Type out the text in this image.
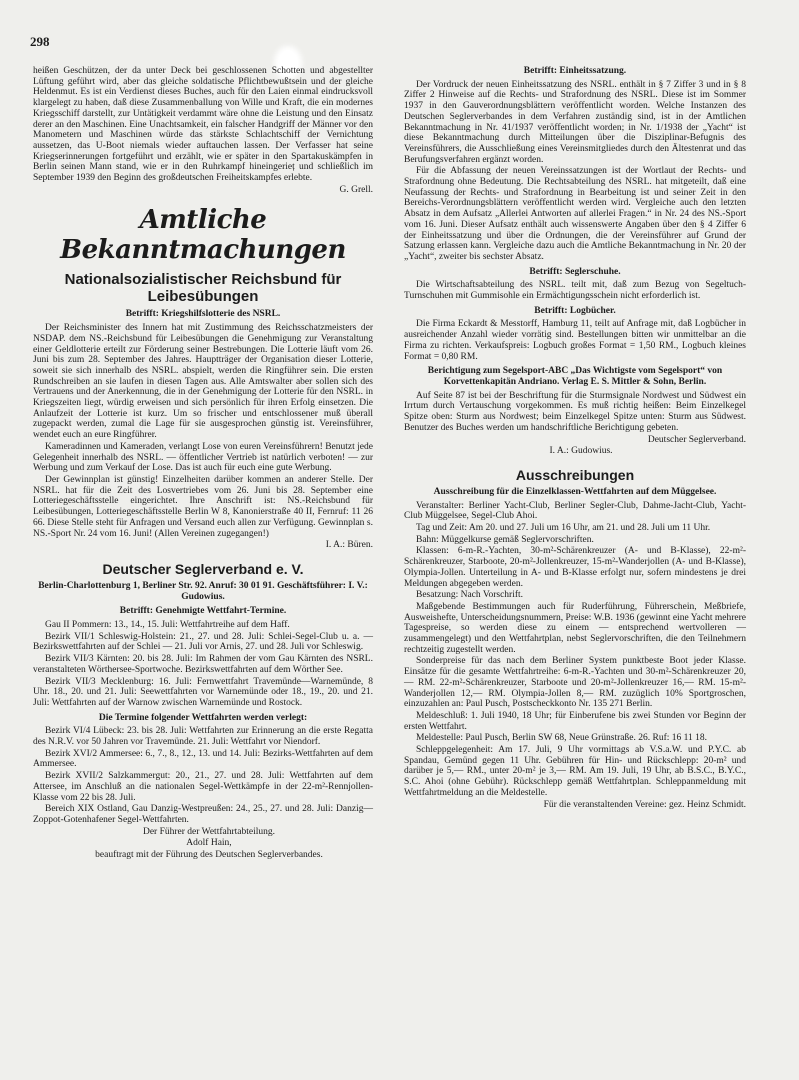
298

heißen Geschützen, der da unter Deck bei geschlossenen Schotten und abgestellter Lüftung geführt wird, aber das gleiche soldatische Pflichtbewußtsein und der gleiche Heldenmut. Es ist ein Verdienst dieses Buches, auch für den Laien einmal eindrucksvoll klargelegt zu haben, daß diese Zusammenballung von Wille und Kraft, die ein modernes Kriegsschiff darstellt, zur Untätigkeit verdammt wäre ohne die Leistung und den Einsatz derer an den Maschinen. Eine Unachtsamkeit, ein falscher Handgriff der Männer vor den Manometern und Maschinen würde das stärkste Schlachtschiff der Vernichtung aussetzen, das U-Boot niemals wieder auftauchen lassen. Der Verfasser hat seine Kriegserinnerungen fortgeführt und erzählt, wie er später in den Spartakuskämpfen in Berlin seinen Mann stand, wie er in den Ruhrkampf hineingerieț und schließlich im September 1939 den Beginn des großdeutschen Freiheitskampfes erlebte.

G. Grell.

Amtliche Bekanntmachungen
Nationalsozialistischer Reichsbund für Leibesübungen

Betrifft: Kriegshilfslotterie des NSRL.

Der Reichsminister des Innern hat mit Zustimmung des Reichsschatzmeisters der NSDAP. dem NS.-Reichsbund für Leibesübungen die Genehmigung zur Veranstaltung einer Geldlotterie erteilt zur Förderung seiner Bestrebungen. Die Lotterie läuft vom 26. Juni bis zum 28. September des Jahres. Hauptträger der Organisation dieser Lotterie, soweit sie sich innerhalb des NSRL. abspielt, werden die Ringführer sein. Die ersten Rundschreiben an sie laufen in diesen Tagen aus. Alle Amtswalter aber sollen sich des Vertrauens und der Anerkennung, die in der Genehmigung der Lotterie für den NSRL. in Kriegszeiten liegt, würdig erweisen und sich persönlich für ihren Erfolg einsetzen. Die Anlaufzeit der Lotterie ist kurz. Um so frischer und entschlossener muß überall zugepackt werden, zumal die Lage für sie ausgesprochen günstig ist. Vereinsführer, wendet euch an eure Ringführer.

Kameradinnen und Kameraden, verlangt Lose von euren Vereinsführern! Benutzt jede Gelegenheit innerhalb des NSRL. — öffentlicher Vertrieb ist natürlich verboten! — zur Werbung und zum Verkauf der Lose. Das ist auch für euch eine gute Werbung.

Der Gewinnplan ist günstig! Einzelheiten darüber kommen an anderer Stelle. Der NSRL. hat für die Zeit des Losvertriebes vom 26. Juni bis 28. September eine Lotteriegeschäftsstelle eingerichtet. Ihre Anschrift ist: NS.-Reichsbund für Leibesübungen, Lotteriegeschäftsstelle Berlin W 8, Kanonierstraße 40 II, Fernruf: 11 26 66. Diese Stelle steht für Anfragen und Versand euch allen zur Verfügung. Gewinnplan s. NS.-Sport Nr. 24 vom 16. Juni! (Allen Vereinen zugegangen!)

I. A.: Büren.

Deutscher Seglerverband e. V.

Berlin-Charlottenburg 1, Berliner Str. 92. Anruf: 30 01 91. Geschäftsführer: I. V.: Gudowius.

Betrifft: Genehmigte Wettfahrt-Termine.

Gau II Pommern: 13., 14., 15. Juli: Wettfahrtreihe auf dem Haff.

Bezirk VII/1 Schleswig-Holstein: 21., 27. und 28. Juli: Schlei-Segel-Club u. a. — Bezirkswettfahrten auf der Schlei — 21. Juli vor Arnis, 27. und 28. Juli vor Schleswig.

Bezirk VII/3 Kärnten: 20. bis 28. Juli: Im Rahmen der vom Gau Kärnten des NSRL. veranstalteten Wörthersee-Sportwoche. Bezirkswettfahrten auf dem Wörther See.

Bezirk VII/3 Mecklenburg: 16. Juli: Fernwettfahrt Travemünde—Warnemünde, 8 Uhr. 18., 20. und 21. Juli: Seewettfahrten vor Warnemünde oder 18., 19., 20. und 21. Juli: Wettfahrten auf der Warnow zwischen Warnemünde und Rostock.

Die Termine folgender Wettfahrten werden verlegt:

Bezirk VI/4 Lübeck: 23. bis 28. Juli: Wettfahrten zur Erinnerung an die erste Regatta des N.R.V. vor 50 Jahren vor Travemünde. 21. Juli: Wettfahrt vor Niendorf.

Bezirk XVI/2 Ammersee: 6., 7., 8., 12., 13. und 14. Juli: Bezirks-Wettfahrten auf dem Ammersee.

Bezirk XVII/2 Salzkammergut: 20., 21., 27. und 28. Juli: Wettfahrten auf dem Attersee, im Anschluß an die nationalen Segel-Wettkämpfe in der 22-m²-Rennjollen-Klasse vom 22 bis 28. Juli.

Bereich XIX Ostland, Gau Danzig-Westpreußen: 24., 25., 27. und 28. Juli: Danzig—Zoppot-Gotenhafener Segel-Wettfahrten.

Der Führer der Wettfahrtabteilung.

Adolf Hain,

beauftragt mit der Führung des Deutschen Seglerverbandes.

Betrifft: Einheitssatzung.

Der Vordruck der neuen Einheitssatzung des NSRL. enthält in § 7 Ziffer 3 und in § 8 Ziffer 2 Hinweise auf die Rechts- und Strafordnung des NSRL. Diese ist im Sommer 1937 in den Gauverordnungsblättern veröffentlicht worden. Welche Instanzen des Deutschen Seglerverbandes in dem Verfahren zuständig sind, ist in der Amtlichen Bekanntmachung in Nr. 41/1937 veröffentlicht worden; in Nr. 1/1938 der „Yacht“ ist diese Bekanntmachung durch Mitteilungen über die Disziplinar-Befugnis des Vereinsführers, die Ausschließung eines Vereinsmitgliedes durch den Ältestenrat und das Berufungsverfahren ergänzt worden.

Für die Abfassung der neuen Vereinssatzungen ist der Wortlaut der Rechts- und Strafordnung ohne Bedeutung. Die Rechtsabteilung des NSRL. hat mitgeteilt, daß eine Neufassung der Rechts- und Strafordnung in Bearbeitung ist und seiner Zeit in den Bereichs-Verordnungsblättern veröffentlicht werden wird. Vergleiche auch den letzten Absatz in dem Aufsatz „Allerlei Antworten auf allerlei Fragen.“ in Nr. 24 des NS.-Sport vom 16. Juni. Dieser Aufsatz enthält auch wissenswerte Angaben über den § 4 Ziffer 6 der Einheitssatzung und über die Ordnungen, die der Vereinsführer auf Grund der Satzung erlassen kann. Vergleiche dazu auch die Amtliche Bekanntmachung in Nr. 20 der „Yacht“, zweiter bis sechster Absatz.

Betrifft: Seglerschuhe.

Die Wirtschaftsabteilung des NSRL. teilt mit, daß zum Bezug von Segeltuch-Turnschuhen mit Gummisohle ein Ermächtigungsschein nicht erforderlich ist.

Betrifft: Logbücher.

Die Firma Eckardt & Messtorff, Hamburg 11, teilt auf Anfrage mit, daß Logbücher in ausreichender Anzahl wieder vorrätig sind. Bestellungen bitten wir unmittelbar an die Firma zu richten. Verkaufspreis: Logbuch großes Format = 1,50 RM., Logbuch kleines Format = 0,80 RM.

Berichtigung zum Segelsport-ABC „Das Wichtigste vom Segelsport“ von Korvettenkapitän Andriano. Verlag E. S. Mittler & Sohn, Berlin.

Auf Seite 87 ist bei der Beschriftung für die Sturmsignale Nordwest und Südwest ein Irrtum durch Vertauschung vorgekommen. Es muß richtig heißen: Beim Einzelkegel Spitze oben: Sturm aus Nordwest; beim Einzelkegel Spitze unten: Sturm aus Südwest. Benutzer des Buches werden um handschriftliche Berichtigung gebeten.

Deutscher Seglerverband.

I. A.: Gudowius.

Ausschreibungen

Ausschreibung für die Einzelklassen-Wettfahrten auf dem Müggelsee.

Veranstalter: Berliner Yacht-Club, Berliner Segler-Club, Dahme-Jacht-Club, Yacht-Club Müggelsee, Segel-Club Ahoi.

Tag und Zeit: Am 20. und 27. Juli um 16 Uhr, am 21. und 28. Juli um 11 Uhr.

Bahn: Müggelkurse gemäß Seglervorschriften.

Klassen: 6-m-R.-Yachten, 30-m²-Schärenkreuzer (A- und B-Klasse), 22-m²-Schärenkreuzer, Starboote, 20-m²-Jollenkreuzer, 15-m²-Wanderjollen (A- und B-Klasse), Olympia-Jollen. Unterteilung in A- und B-Klasse erfolgt nur, sofern mindestens je drei Meldungen abgegeben werden.

Besatzung: Nach Vorschrift.

Maßgebende Bestimmungen auch für Ruderführung, Führerschein, Meßbriefe, Ausweishefte, Unterscheidungsnummern, Preise: W.B. 1936 (gewinnt eine Yacht mehrere Tagespreise, so werden diese zu einem — entsprechend wertvolleren — zusammengelegt) und den Wettfahrtplan, nebst Seglervorschriften, die den Teilnehmern rechtzeitig zugestellt werden.

Sonderpreise für das nach dem Berliner System punktbeste Boot jeder Klasse. Einsätze für die gesamte Wettfahrtreihe: 6-m-R.-Yachten und 30-m²-Schärenkreuzer 20,— RM. 22-m²-Schärenkreuzer, Starboote und 20-m²-Jollenkreuzer 16,— RM. 15-m²-Wanderjollen 12,— RM. Olympia-Jollen 8,— RM. zuzüglich 10% Sportgroschen, einzuzahlen an: Paul Pusch, Postscheckkonto Nr. 135 271 Berlin.

Meldeschluß: 1. Juli 1940, 18 Uhr; für Einberufene bis zwei Stunden vor Beginn der ersten Wettfahrt.

Meldestelle: Paul Pusch, Berlin SW 68, Neue Grünstraße. 26. Ruf: 16 11 18.

Schleppgelegenheit: Am 17. Juli, 9 Uhr vormittags ab V.S.a.W. und P.Y.C. ab Spandau, Gemünd gegen 11 Uhr. Gebühren für Hin- und Rückschlepp: 20-m² und darüber je 5,— RM., unter 20-m² je 3,— RM. Am 19. Juli, 19 Uhr, ab B.S.C., B.Y.C., S.C. Ahoi (ohne Gebühr). Rückschlepp gemäß Wettfahrtplan. Schleppanmeldung mit Wettfahrtmeldung an die Meldestelle.

Für die veranstaltenden Vereine: gez. Heinz Schmidt.
